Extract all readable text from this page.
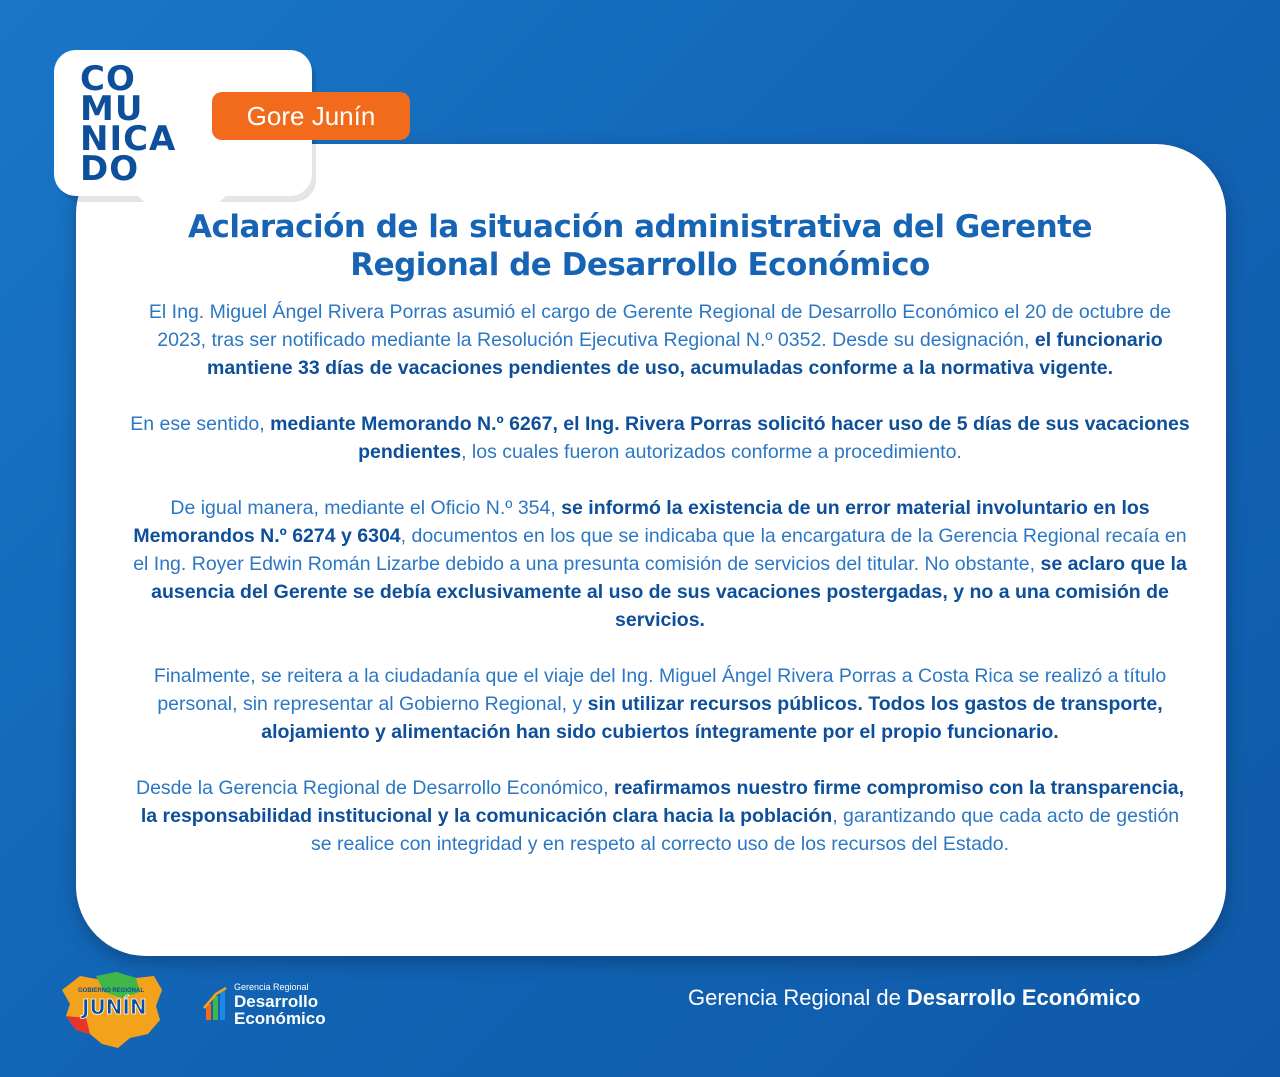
CO
MU
NICA
DO
Gore Junín
Aclaración de la situación administrativa del Gerente Regional de Desarrollo Económico

El Ing. Miguel Ángel Rivera Porras asumió el cargo de Gerente Regional de Desarrollo Económico el 20 de octubre de 2023, tras ser notificado mediante la Resolución Ejecutiva Regional N.º 0352. Desde su designación, el funcionario mantiene 33 días de vacaciones pendientes de uso, acumuladas conforme a la normativa vigente.

En ese sentido, mediante Memorando N.º 6267, el Ing. Rivera Porras solicitó hacer uso de 5 días de sus vacaciones pendientes, los cuales fueron autorizados conforme a procedimiento.

De igual manera, mediante el Oficio N.º 354, se informó la existencia de un error material involuntario en los Memorandos N.º 6274 y 6304, documentos en los que se indicaba que la encargatura de la Gerencia Regional recaía en el Ing. Royer Edwin Román Lizarbe debido a una presunta comisión de servicios del titular. No obstante, se aclaro que la ausencia del Gerente se debía exclusivamente al uso de sus vacaciones postergadas, y no a una comisión de servicios.

Finalmente, se reitera a la ciudadanía que el viaje del Ing. Miguel Ángel Rivera Porras a Costa Rica se realizó a título personal, sin representar al Gobierno Regional, y sin utilizar recursos públicos. Todos los gastos de transporte, alojamiento y alimentación han sido cubiertos íntegramente por el propio funcionario.

Desde la Gerencia Regional de Desarrollo Económico, reafirmamos nuestro firme compromiso con la transparencia, la responsabilidad institucional y la comunicación clara hacia la población, garantizando que cada acto de gestión se realice con integridad y en respeto al correcto uso de los recursos del Estado.

GOBIERNO REGIONAL
JUNÍN
Gerencia Regional
Desarrollo
Económico
Gerencia Regional de Desarrollo Económico
